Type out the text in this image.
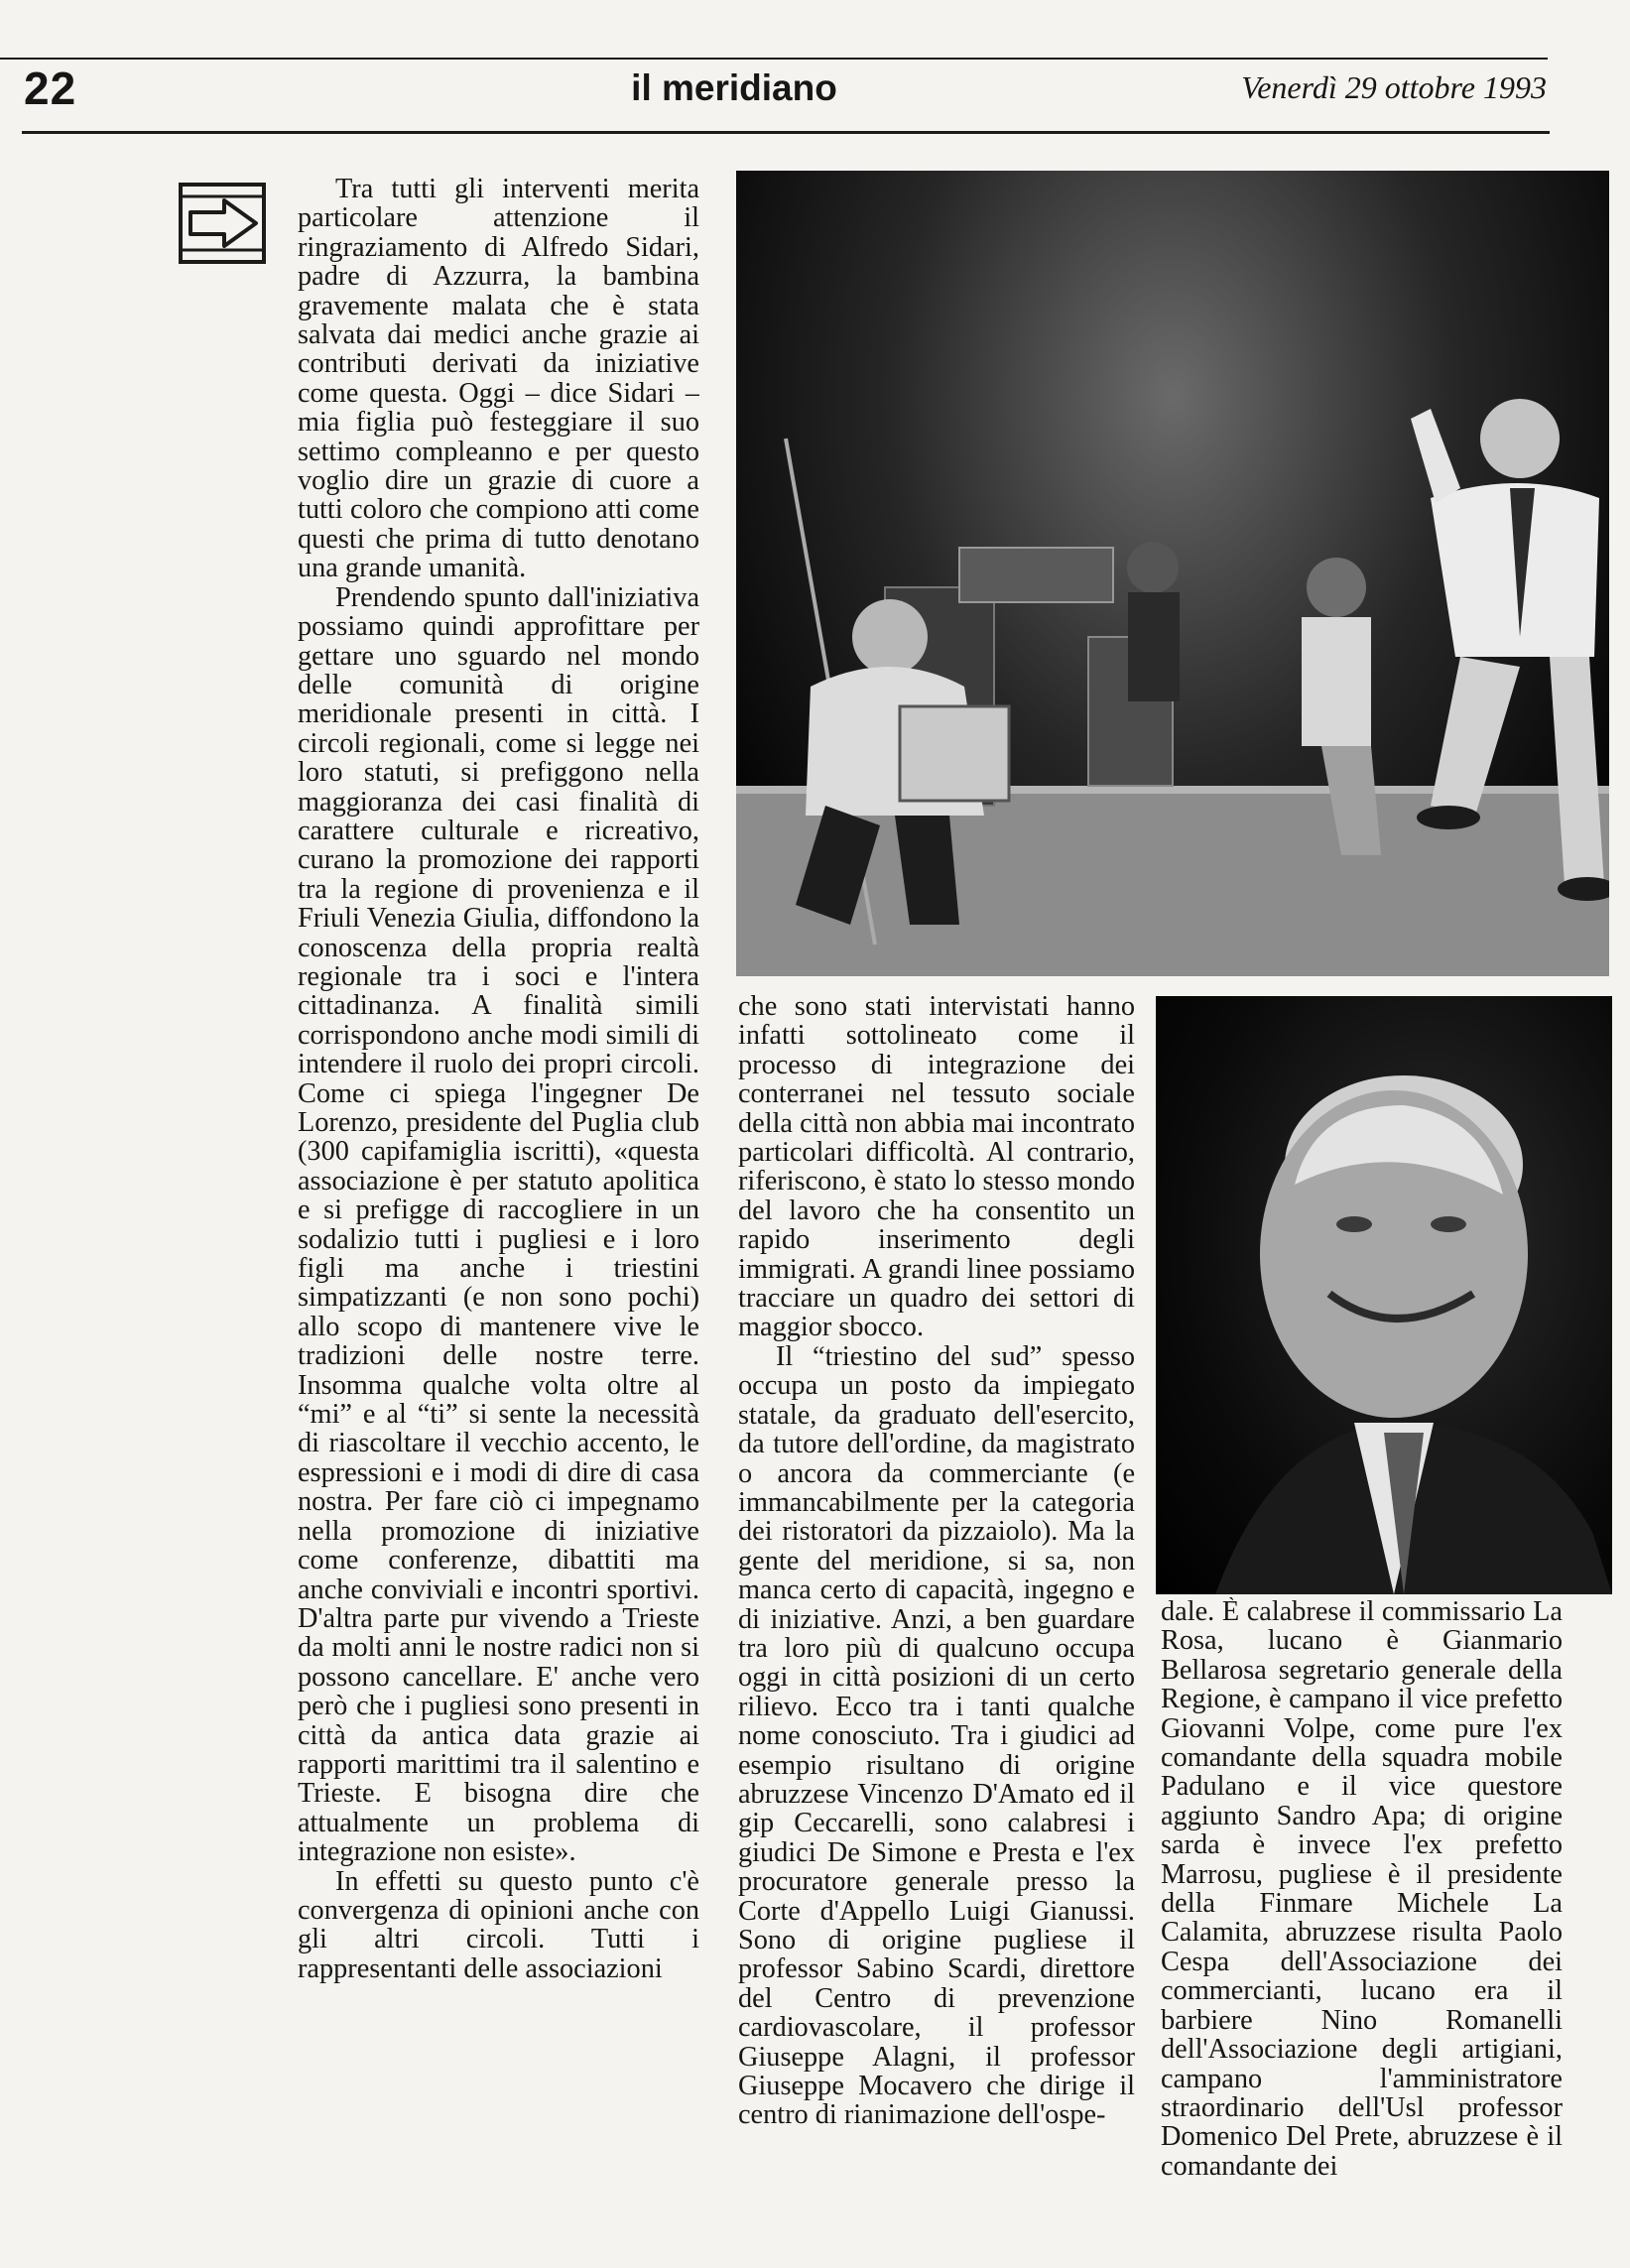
22	il meridiano	Venerdì 29 ottobre 1993

Tra tutti gli interventi merita particolare attenzione il ringraziamento di Alfredo Sidari, padre di Azzurra, la bambina gravemente malata che è stata salvata dai medici anche grazie ai contributi derivati da iniziative come questa. Oggi – dice Sidari – mia figlia può festeggiare il suo settimo compleanno e per questo voglio dire un grazie di cuore a tutti coloro che compiono atti come questi che prima di tutto denotano una grande umanità.

Prendendo spunto dall'iniziativa possiamo quindi approfittare per gettare uno sguardo nel mondo delle comunità di origine meridionale presenti in città. I circoli regionali, come si legge nei loro statuti, si prefiggono nella maggioranza dei casi finalità di carattere culturale e ricreativo, curano la promozione dei rapporti tra la regione di provenienza e il Friuli Venezia Giulia, diffondono la conoscenza della propria realtà regionale tra i soci e l'intera cittadinanza. A finalità simili corrispondono anche modi simili di intendere il ruolo dei propri circoli. Come ci spiega l'ingegner De Lorenzo, presidente del Puglia club (300 capifamiglia iscritti), «questa associazione è per statuto apolitica e si prefigge di raccogliere in un sodalizio tutti i pugliesi e i loro figli ma anche i triestini simpatizzanti (e non sono pochi) allo scopo di mantenere vive le tradizioni delle nostre terre. Insomma qualche volta oltre al “mi” e al “ti” si sente la necessità di riascoltare il vecchio accento, le espressioni e i modi di dire di casa nostra. Per fare ciò ci impegnamo nella promozione di iniziative come conferenze, dibattiti ma anche conviviali e incontri sportivi. D'altra parte pur vivendo a Trieste da molti anni le nostre radici non si possono cancellare. E' anche vero però che i pugliesi sono presenti in città da antica data grazie ai rapporti marittimi tra il salentino e Trieste. E bisogna dire che attualmente un problema di integrazione non esiste».

In effetti su questo punto c'è convergenza di opinioni anche con gli altri circoli. Tutti i rappresentanti delle associazioni

che sono stati intervistati hanno infatti sottolineato come il processo di integrazione dei conterranei nel tessuto sociale della città non abbia mai incontrato particolari difficoltà. Al contrario, riferiscono, è stato lo stesso mondo del lavoro che ha consentito un rapido inserimento degli immigrati. A grandi linee possiamo tracciare un quadro dei settori di maggior sbocco.

Il “triestino del sud” spesso occupa un posto da impiegato statale, da graduato dell'esercito, da tutore dell'ordine, da magistrato o ancora da commerciante (e immancabilmente per la categoria dei ristoratori da pizzaiolo). Ma la gente del meridione, si sa, non manca certo di capacità, ingegno e di iniziative. Anzi, a ben guardare tra loro più di qualcuno occupa oggi in città posizioni di un certo rilievo. Ecco tra i tanti qualche nome conosciuto. Tra i giudici ad esempio risultano di origine abruzzese Vincenzo D'Amato ed il gip Ceccarelli, sono calabresi i giudici De Simone e Presta e l'ex procuratore generale presso la Corte d'Appello Luigi Gianussi. Sono di origine pugliese il professor Sabino Scardi, direttore del Centro di prevenzione cardiovascolare, il professor Giuseppe Alagni, il professor Giuseppe Mocavero che dirige il centro di rianimazione dell'ospe-

dale. È calabrese il commissario La Rosa, lucano è Gianmario Bellarosa segretario generale della Regione, è campano il vice prefetto Giovanni Volpe, come pure l'ex comandante della squadra mobile Padulano e il vice questore aggiunto Sandro Apa; di origine sarda è invece l'ex prefetto Marrosu, pugliese è il presidente della Finmare Michele La Calamita, abruzzese risulta Paolo Cespa dell'Associazione dei commercianti, lucano era il barbiere Nino Romanelli dell'Associazione degli artigiani, campano l'amministratore straordinario dell'Usl professor Domenico Del Prete, abruzzese è il comandante dei
